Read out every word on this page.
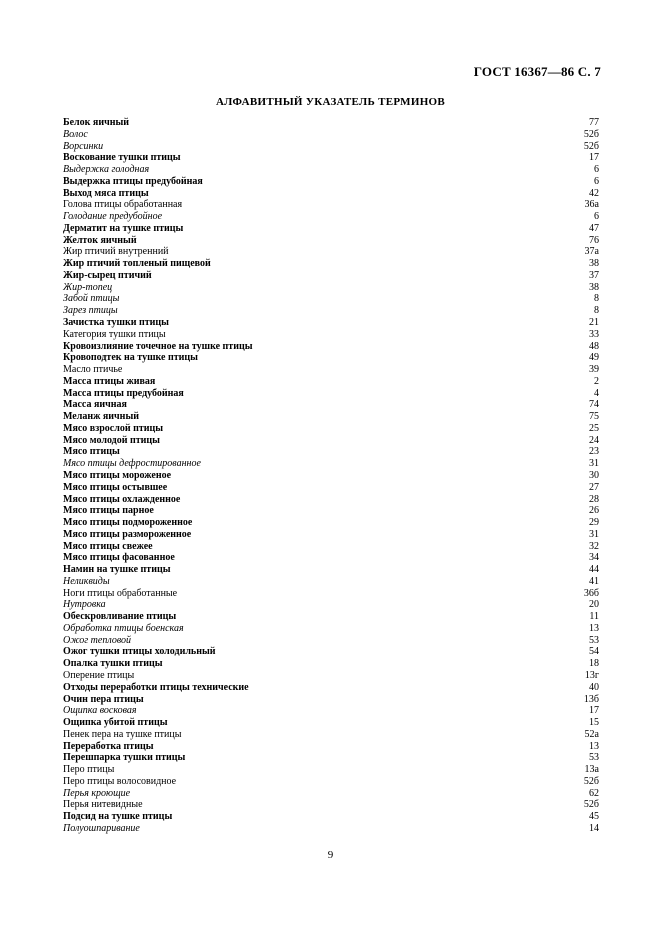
ГОСТ 16367—86 С. 7
АЛФАВИТНЫЙ УКАЗАТЕЛЬ ТЕРМИНОВ
Белок яичный	77
Волос	52б
Ворсинки	52б
Воскование тушки птицы	17
Выдержка голодная	6
Выдержка птицы предубойная	6
Выход мяса птицы	42
Голова птицы обработанная	36а
Голодание предубойное	6
Дерматит на тушке птицы	47
Желток яичный	76
Жир птичий внутренний	37а
Жир птичий топленый пищевой	38
Жир-сырец птичий	37
Жир-топец	38
Забой птицы	8
Зарез птицы	8
Зачистка тушки птицы	21
Категория тушки птицы	33
Кровоизлияние точечное на тушке птицы	48
Кровоподтек на тушке птицы	49
Масло птичье	39
Масса птицы живая	2
Масса птицы предубойная	4
Масса яичная	74
Меланж яичный	75
Мясо взрослой птицы	25
Мясо молодой птицы	24
Мясо птицы	23
Мясо птицы дефростированное	31
Мясо птицы мороженое	30
Мясо птицы остывшее	27
Мясо птицы охлажденное	28
Мясо птицы парное	26
Мясо птицы подмороженное	29
Мясо птицы размороженное	31
Мясо птицы свежее	32
Мясо птицы фасованное	34
Намин на тушке птицы	44
Неликвиды	41
Ноги птицы обработанные	36б
Нутровка	20
Обескровливание птицы	11
Обработка птицы боенская	13
Ожог тепловой	53
Ожог тушки птицы холодильный	54
Опалка тушки птицы	18
Оперение птицы	13г
Отходы переработки птицы технические	40
Очин пера птицы	13б
Ощипка восковая	17
Ощипка убитой птицы	15
Пенек пера на тушке птицы	52а
Переработка птицы	13
Перешпарка тушки птицы	53
Перо птицы	13а
Перо птицы волосовидное	52б
Перья кроющие	62
Перья нитевидные	52б
Подсид на тушке птицы	45
Полуошпаривание	14
9
